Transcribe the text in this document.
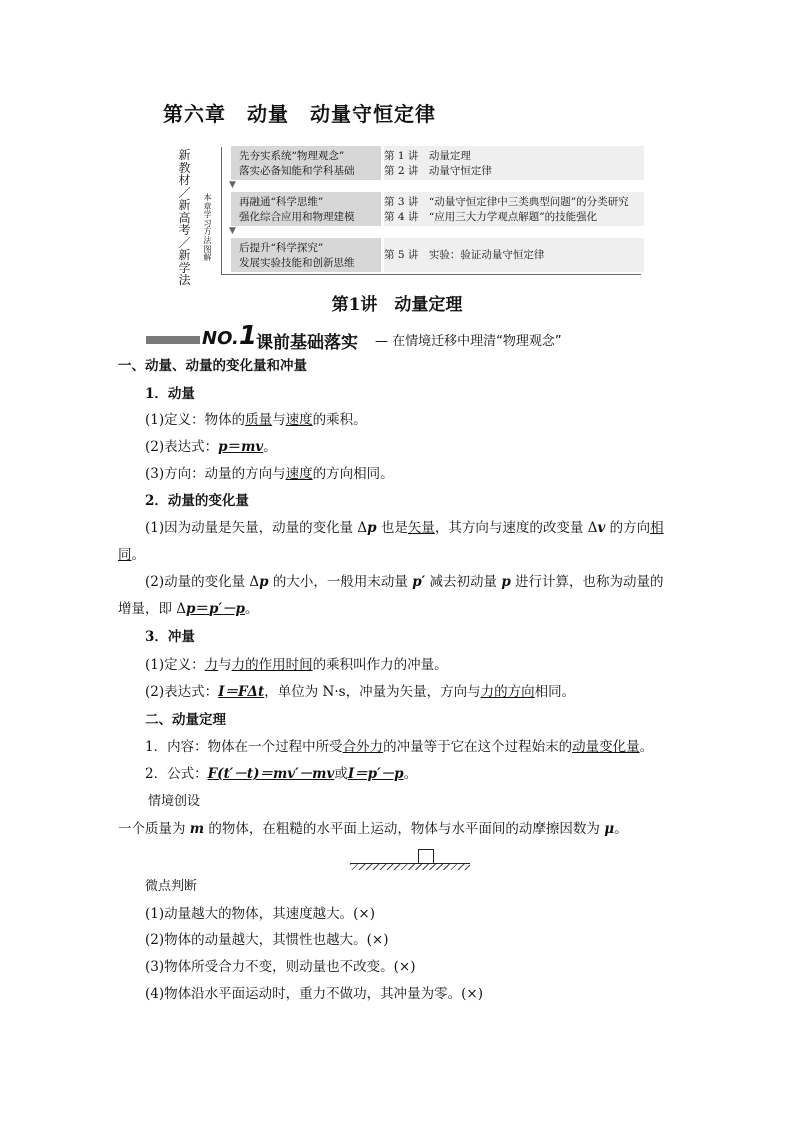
第六章　动量　动量守恒定律
新教材／新高考／新学法
本章学习方法图解
先夯实系统“物理观念”
落实必备知能和学科基础
第 1 讲　动量定理
第 2 讲　动量守恒定律
▼
再融通“科学思维”
强化综合应用和物理建模
第 3 讲　“动量守恒定律中三类典型问题”的分类研究
第 4 讲　“应用三大力学观点解题”的技能强化
▼
后提升“科学探究”
发展实验技能和创新思维
第 5 讲　实验：验证动量守恒定律
第1讲　动量定理
NO.1 课前基础落实 — 在情境迁移中理清“物理观念”
一、动量、动量的变化量和冲量
1．动量
(1)定义：物体的质量与速度的乘积。
(2)表达式：p＝mv。
(3)方向：动量的方向与速度的方向相同。
2．动量的变化量
(1)因为动量是矢量，动量的变化量 Δp 也是矢量，其方向与速度的改变量 Δv 的方向相
同。
(2)动量的变化量 Δp 的大小，一般用末动量 p′ 减去初动量 p 进行计算，也称为动量的
增量，即 Δp＝p′－p。
3．冲量
(1)定义：力与力的作用时间的乘积叫作力的冲量。
(2)表达式：I＝FΔt，单位为 N·s，冲量为矢量，方向与力的方向相同。
二、动量定理
1．内容：物体在一个过程中所受合外力的冲量等于它在这个过程始末的动量变化量。
2．公式：F(t′－t)＝mv′－mv或I＝p′－p。
情境创设
一个质量为 m 的物体，在粗糙的水平面上运动，物体与水平面间的动摩擦因数为 μ。
微点判断
(1)动量越大的物体，其速度越大。(×)
(2)物体的动量越大，其惯性也越大。(×)
(3)物体所受合力不变，则动量也不改变。(×)
(4)物体沿水平面运动时，重力不做功，其冲量为零。(×)
